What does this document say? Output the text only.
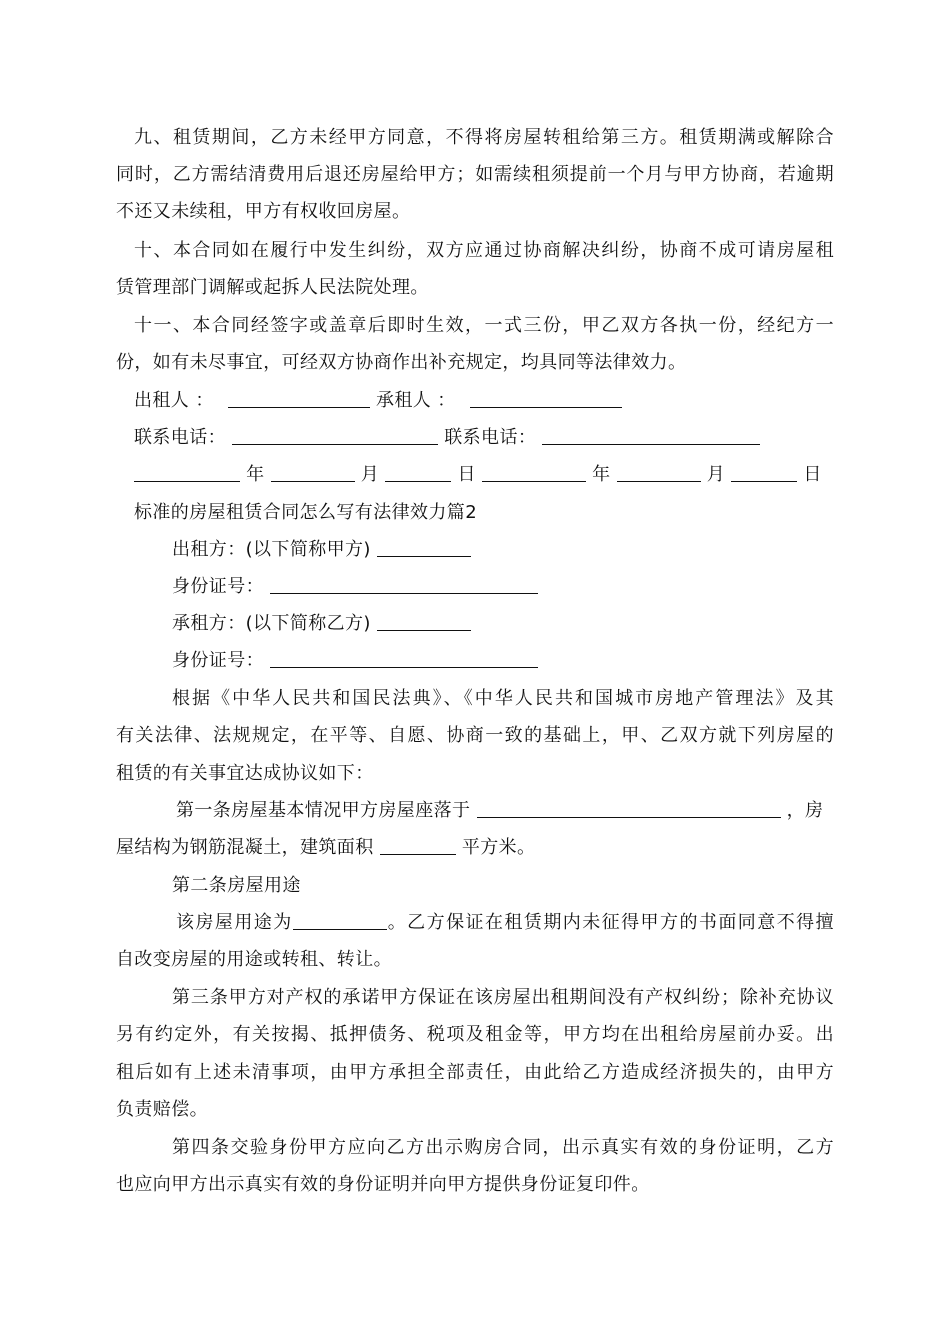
九、租赁期间，乙方未经甲方同意，不得将房屋转租给第三方。租赁期满或解除合
同时，乙方需结清费用后退还房屋给甲方；如需续租须提前一个月与甲方协商，若逾期
不还又未续租，甲方有权收回房屋。
十、本合同如在履行中发生纠纷，双方应通过协商解决纠纷，协商不成可请房屋租
赁管理部门调解或起拆人民法院处理。
十一、本合同经签字或盖章后即时生效，一式三份，甲乙双方各执一份，经纪方一
份，如有未尽事宜，可经双方协商作出补充规定，均具同等法律效力。
出租人 ：	承租人 ：
联系电话：	联系电话：
年	月	日	年	月	日
标准的房屋租赁合同怎么写有法律效力篇2
出租方：(以下简称甲方)
身份证号：
承租方：(以下简称乙方)
身份证号：
根据《中华人民共和国民法典》、《中华人民共和国城市房地产管理法》及其
有关法律、法规规定，在平等、自愿、协商一致的基础上，甲、乙双方就下列房屋的
租赁的有关事宜达成协议如下：
第一条房屋基本情况甲方房屋座落于	，房
屋结构为钢筋混凝土，建筑面积	平方米。
第二条房屋用途
该房屋用途为	。乙方保证在租赁期内未征得甲方的书面同意不得擅
自改变房屋的用途或转租、转让。
第三条甲方对产权的承诺甲方保证在该房屋出租期间没有产权纠纷；除补充协议
另有约定外，有关按揭、抵押债务、税项及租金等，甲方均在出租给房屋前办妥。出
租后如有上述未清事项，由甲方承担全部责任，由此给乙方造成经济损失的，由甲方
负责赔偿。
第四条交验身份甲方应向乙方出示购房合同，出示真实有效的身份证明，乙方
也应向甲方出示真实有效的身份证明并向甲方提供身份证复印件。
